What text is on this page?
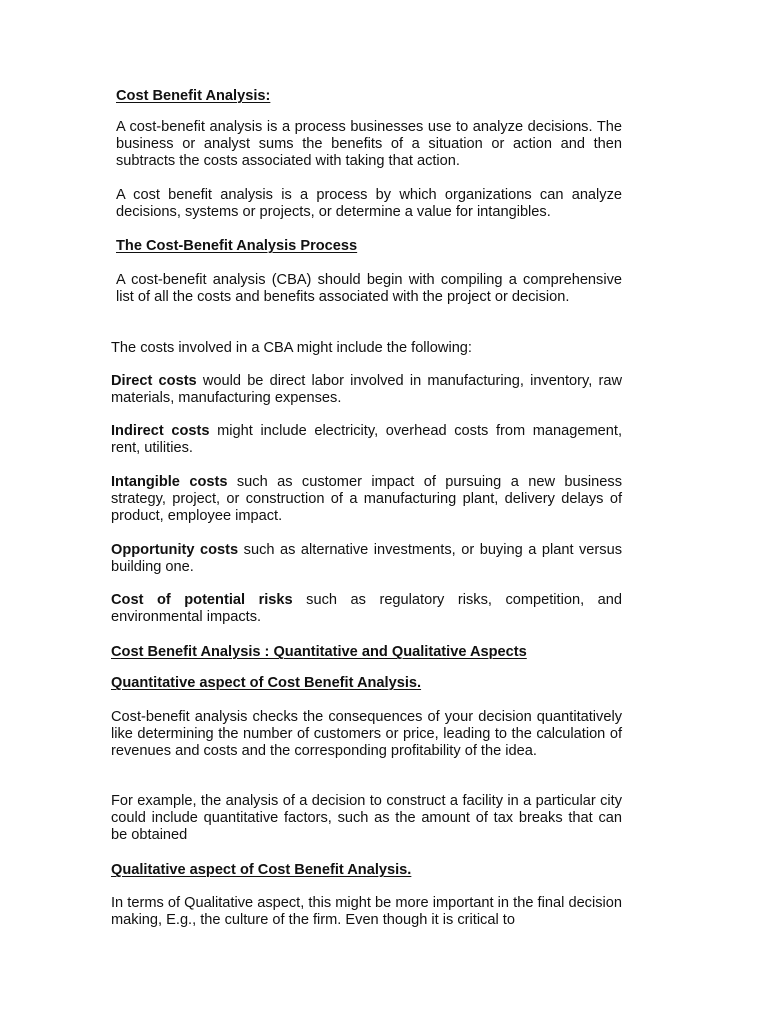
Cost Benefit Analysis:

A cost-benefit analysis is a process businesses use to analyze decisions. The business or analyst sums the benefits of a situation or action and then subtracts the costs associated with taking that action.

A cost benefit analysis is a process by which organizations can analyze decisions, systems or projects, or determine a value for intangibles.

The Cost-Benefit Analysis Process

A cost-benefit analysis (CBA) should begin with compiling a comprehensive list of all the costs and benefits associated with the project or decision.

The costs involved in a CBA might include the following:

Direct costs would be direct labor involved in manufacturing, inventory, raw materials, manufacturing expenses.

Indirect costs might include electricity, overhead costs from management, rent, utilities.

Intangible costs such as customer impact of pursuing a new business strategy, project, or construction of a manufacturing plant, delivery delays of product, employee impact.

Opportunity costs such as alternative investments, or buying a plant versus building one.

Cost of potential risks such as regulatory risks, competition, and environmental impacts.

Cost Benefit Analysis : Quantitative and Qualitative Aspects

Quantitative aspect of Cost Benefit Analysis.

Cost-benefit analysis checks the consequences of your decision quantitatively like determining the number of customers or price, leading to the calculation of revenues and costs and the corresponding profitability of the idea.

For example, the analysis of a decision to construct a facility in a particular city could include quantitative factors, such as the amount of tax breaks that can be obtained

Qualitative aspect of Cost Benefit Analysis.

In terms of Qualitative aspect, this might be more important in the final decision making, E.g., the culture of the firm. Even though it is critical to
